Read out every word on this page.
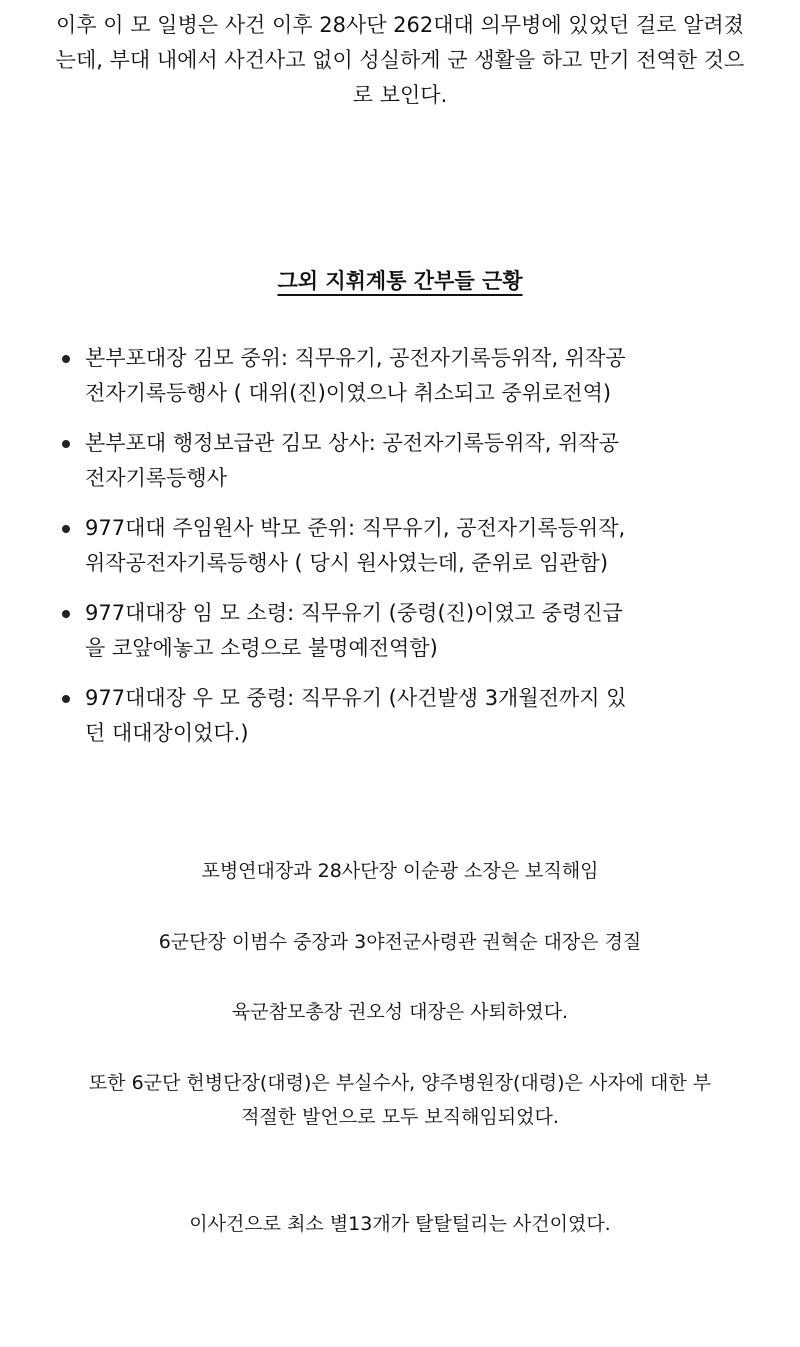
이후 이 모 일병은 사건 이후 28사단 262대대 의무병에 있었던 걸로 알려졌

는데, 부대 내에서 사건사고 없이 성실하게 군 생활을 하고 만기 전역한 것으

로 보인다.

그외 지휘계통 간부들 근황
본부포대장 김모 중위: 직무유기, 공전자기록등위작, 위작공
전자기록등행사 ( 대위(진)이였으나 취소되고 중위로전역)
본부포대 행정보급관 김모 상사: 공전자기록등위작, 위작공
전자기록등행사
977대대 주임원사 박모 준위: 직무유기, 공전자기록등위작,
위작공전자기록등행사 ( 당시 원사였는데, 준위로 임관함)
977대대장 임 모 소령: 직무유기 (중령(진)이였고 중령진급
을 코앞에놓고 소령으로 불명예전역함)
977대대장 우 모 중령: 직무유기 (사건발생 3개월전까지 있
던 대대장이었다.)
포병연대장과 28사단장 이순광 소장은 보직해임
6군단장 이범수 중장과 3야전군사령관 권혁순 대장은 경질
육군참모총장 권오성 대장은 사퇴하였다.
또한 6군단 헌병단장(대령)은 부실수사, 양주병원장(대령)은 사자에 대한 부
적절한 발언으로 모두 보직해임되었다.
이사건으로 최소 별13개가 탈탈털리는 사건이였다.
